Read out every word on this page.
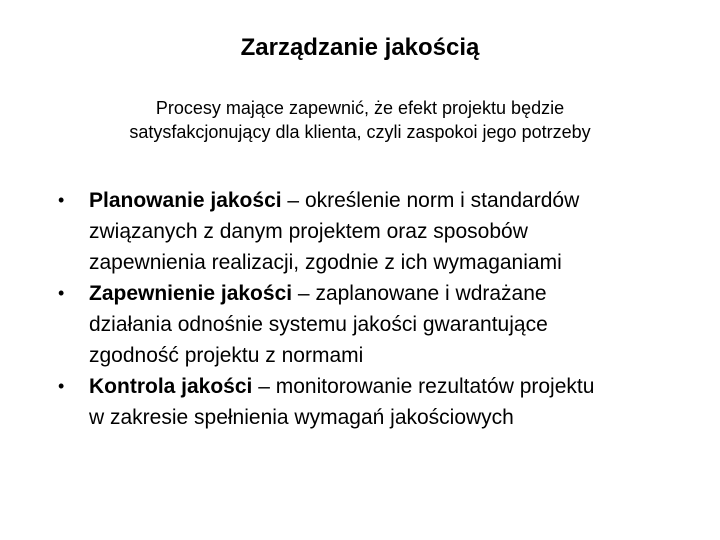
Zarządzanie jakością
Procesy mające zapewnić, że efekt projektu będzie
satysfakcjonujący dla klienta, czyli zaspokoi jego potrzeby
• Planowanie jakości – określenie norm i standardów
związanych z danym projektem oraz sposobów
zapewnienia realizacji, zgodnie z ich wymaganiami
• Zapewnienie jakości – zaplanowane i wdrażane
działania odnośnie systemu jakości gwarantujące
zgodność projektu z normami
• Kontrola jakości – monitorowanie rezultatów projektu
w zakresie spełnienia wymagań jakościowych
